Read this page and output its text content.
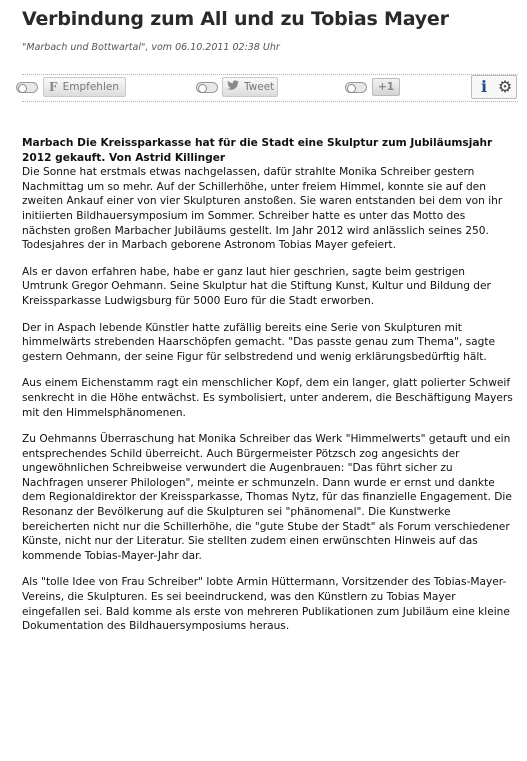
Verbindung zum All und zu Tobias Mayer
"Marbach und Bottwartal", vom 06.10.2011 02:38 Uhr
F Empfehlen	Tweet	+1	i ⚙

Marbach Die Kreissparkasse hat für die Stadt eine Skulptur zum Jubiläumsjahr 2012 gekauft. Von Astrid Killinger

Die Sonne hat erstmals etwas nachgelassen, dafür strahlte Monika Schreiber gestern Nachmittag um so mehr. Auf der Schillerhöhe, unter freiem Himmel, konnte sie auf den zweiten Ankauf einer von vier Skulpturen anstoßen. Sie waren entstanden bei dem von ihr initiierten Bildhauersymposium im Sommer. Schreiber hatte es unter das Motto des nächsten großen Marbacher Jubiläums gestellt. Im Jahr 2012 wird anlässlich seines 250. Todesjahres der in Marbach geborene Astronom Tobias Mayer gefeiert.

Als er davon erfahren habe, habe er ganz laut hier geschrien, sagte beim gestrigen Umtrunk Gregor Oehmann. Seine Skulptur hat die Stiftung Kunst, Kultur und Bildung der Kreissparkasse Ludwigsburg für 5000 Euro für die Stadt erworben.

Der in Aspach lebende Künstler hatte zufällig bereits eine Serie von Skulpturen mit himmelwärts strebenden Haarschöpfen gemacht. "Das passte genau zum Thema", sagte gestern Oehmann, der seine Figur für selbstredend und wenig erklärungsbedürftig hält.

Aus einem Eichenstamm ragt ein menschlicher Kopf, dem ein langer, glatt polierter Schweif senkrecht in die Höhe entwächst. Es symbolisiert, unter anderem, die Beschäftigung Mayers mit den Himmelsphänomenen.

Zu Oehmanns Überraschung hat Monika Schreiber das Werk "Himmelwerts" getauft und ein entsprechendes Schild überreicht. Auch Bürgermeister Pötzsch zog angesichts der ungewöhnlichen Schreibweise verwundert die Augenbrauen: "Das führt sicher zu Nachfragen unserer Philologen", meinte er schmunzeln. Dann wurde er ernst und dankte dem Regionaldirektor der Kreissparkasse, Thomas Nytz, für das finanzielle Engagement. Die Resonanz der Bevölkerung auf die Skulpturen sei "phänomenal". Die Kunstwerke bereicherten nicht nur die Schillerhöhe, die "gute Stube der Stadt" als Forum verschiedener Künste, nicht nur der Literatur. Sie stellten zudem einen erwünschten Hinweis auf das kommende Tobias-Mayer-Jahr dar.

Als "tolle Idee von Frau Schreiber" lobte Armin Hüttermann, Vorsitzender des Tobias-Mayer-Vereins, die Skulpturen. Es sei beeindruckend, was den Künstlern zu Tobias Mayer eingefallen sei. Bald komme als erste von mehreren Publikationen zum Jubiläum eine kleine Dokumentation des Bildhauersymposiums heraus.
